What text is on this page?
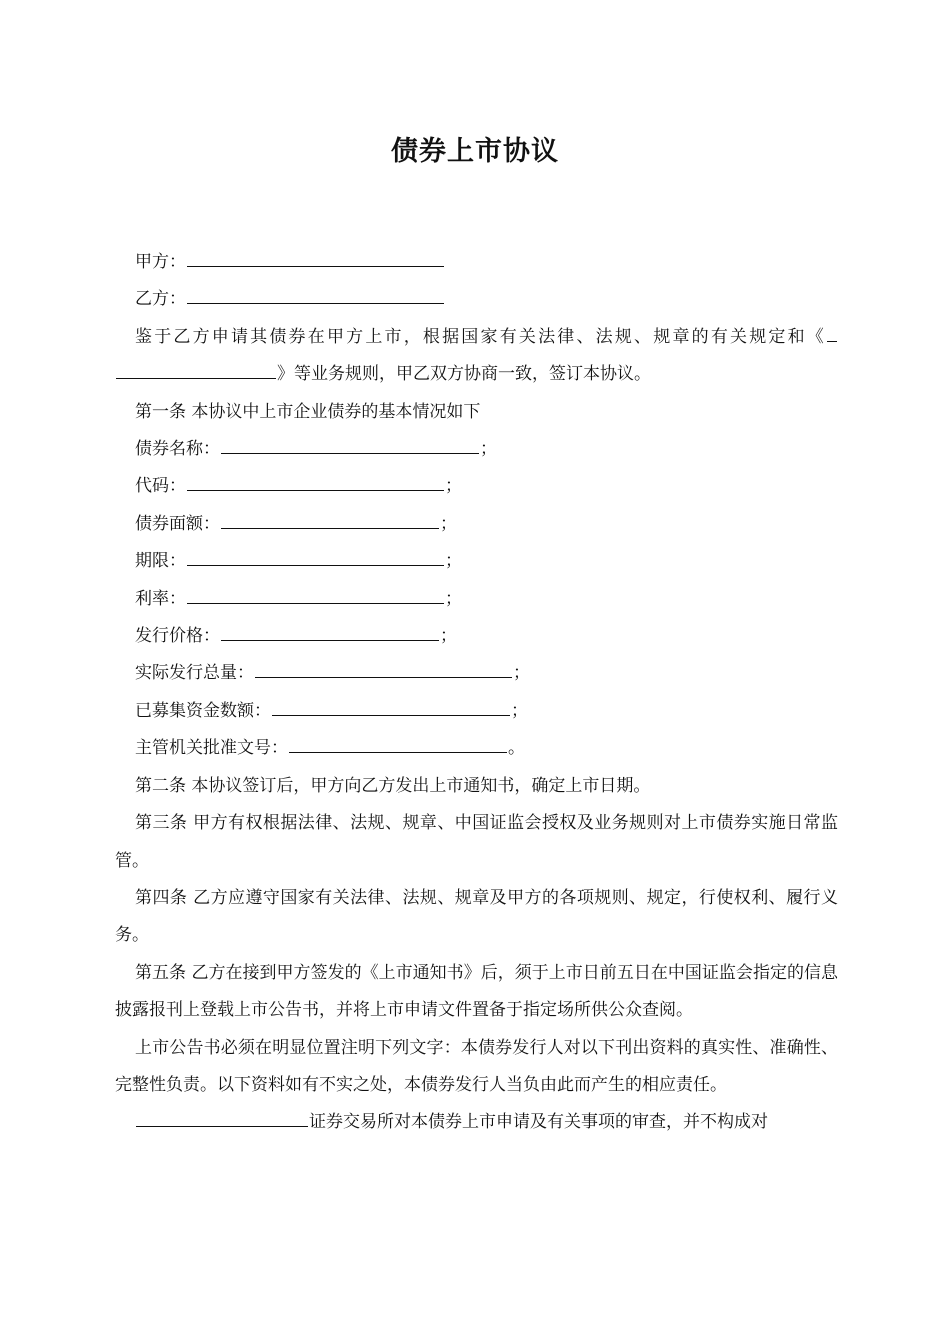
债券上市协议

甲方：

乙方：

鉴于乙方申请其债券在甲方上市，根据国家有关法律、法规、规章的有关规定和《》等业务规则，甲乙双方协商一致，签订本协议。

第一条 本协议中上市企业债券的基本情况如下

债券名称：	；

代码：	；

债券面额：	；

期限：	；

利率：	；

发行价格：	；

实际发行总量：	；

已募集资金数额：	；

主管机关批准文号：	。

第二条 本协议签订后，甲方向乙方发出上市通知书，确定上市日期。

第三条 甲方有权根据法律、法规、规章、中国证监会授权及业务规则对上市债券实施日常监管。

第四条 乙方应遵守国家有关法律、法规、规章及甲方的各项规则、规定，行使权利、履行义务。

第五条 乙方在接到甲方签发的《上市通知书》后，须于上市日前五日在中国证监会指定的信息披露报刊上登载上市公告书，并将上市申请文件置备于指定场所供公众查阅。

上市公告书必须在明显位置注明下列文字：本债券发行人对以下刊出资料的真实性、准确性、完整性负责。以下资料如有不实之处，本债券发行人当负由此而产生的相应责任。

证券交易所对本债券上市申请及有关事项的审查，并不构成对
